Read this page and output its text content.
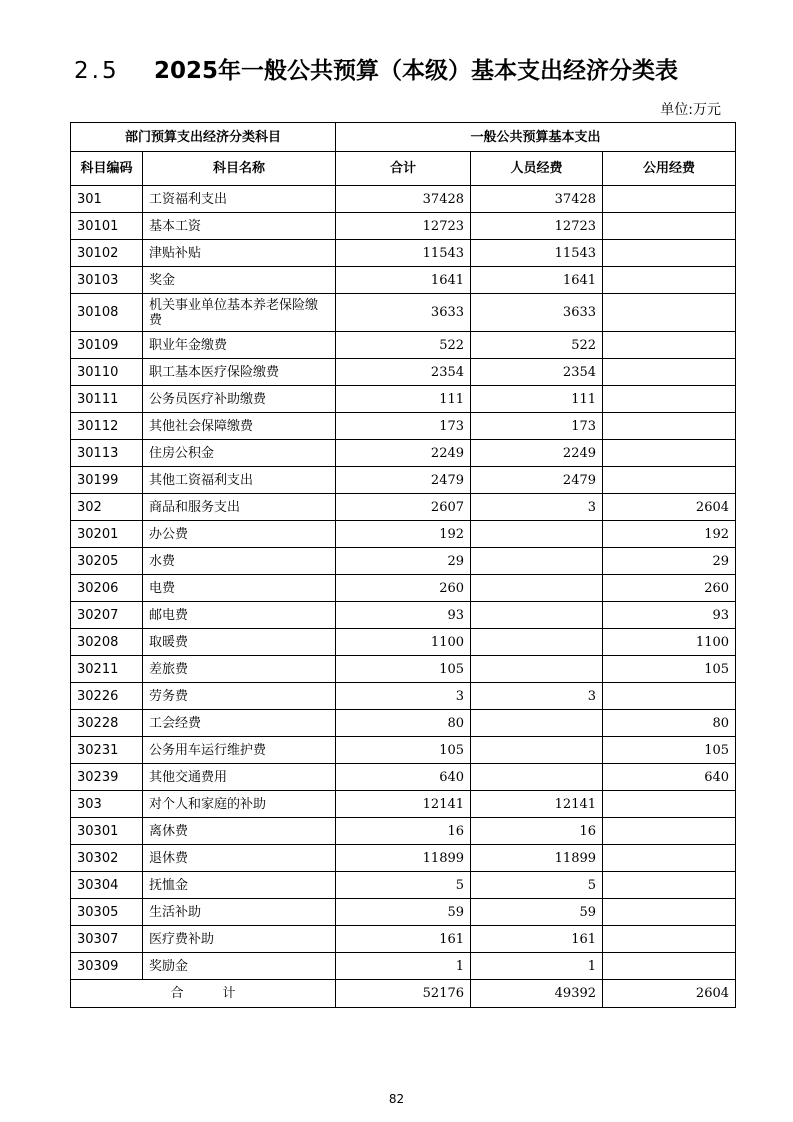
2.5 2025年一般公共预算（本级）基本支出经济分类表
单位:万元
部门预算支出经济分类科目		一般公共预算基本支出		
科目编码	科目名称	合计	人员经费	公用经费
301	工资福利支出	37428	37428	
30101	基本工资	12723	12723	
30102	津贴补贴	11543	11543	
30103	奖金	1641	1641	
30108	机关事业单位基本养老保险缴费	3633	3633	
30109	职业年金缴费	522	522	
30110	职工基本医疗保险缴费	2354	2354	
30111	公务员医疗补助缴费	111	111	
30112	其他社会保障缴费	173	173	
30113	住房公积金	2249	2249	
30199	其他工资福利支出	2479	2479	
302	商品和服务支出	2607	3	2604
30201	办公费	192		192
30205	水费	29		29
30206	电费	260		260
30207	邮电费	93		93
30208	取暖费	1100		1100
30211	差旅费	105		105
30226	劳务费	3	3	
30228	工会经费	80		80
30231	公务用车运行维护费	105		105
30239	其他交通费用	640		640
303	对个人和家庭的补助	12141	12141	
30301	离休费	16	16	
30302	退休费	11899	11899	
30304	抚恤金	5	5	
30305	生活补助	59	59	
30307	医疗费补助	161	161	
30309	奖励金	1	1	
合　　　计		52176	49392	2604
82
